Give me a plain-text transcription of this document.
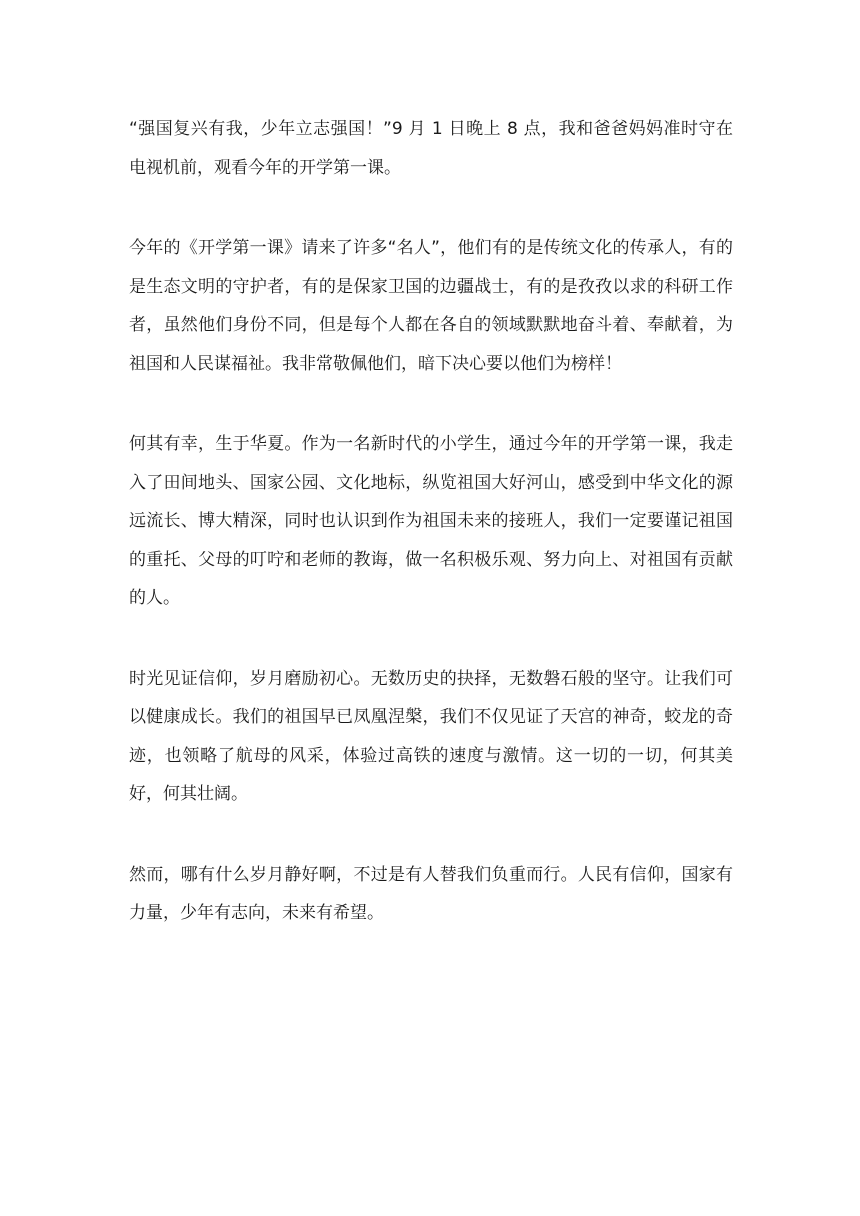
“强国复兴有我，少年立志强国！”9 月 1 日晚上 8 点，我和爸爸妈妈准时守在电视机前，观看今年的开学第一课。

今年的《开学第一课》请来了许多“名人”，他们有的是传统文化的传承人，有的是生态文明的守护者，有的是保家卫国的边疆战士，有的是孜孜以求的科研工作者，虽然他们身份不同，但是每个人都在各自的领域默默地奋斗着、奉献着，为祖国和人民谋福祉。我非常敬佩他们，暗下决心要以他们为榜样！

何其有幸，生于华夏。作为一名新时代的小学生，通过今年的开学第一课，我走入了田间地头、国家公园、文化地标，纵览祖国大好河山，感受到中华文化的源远流长、博大精深，同时也认识到作为祖国未来的接班人，我们一定要谨记祖国的重托、父母的叮咛和老师的教诲，做一名积极乐观、努力向上、对祖国有贡献的人。

时光见证信仰，岁月磨励初心。无数历史的抉择，无数磐石般的坚守。让我们可以健康成长。我们的祖国早已凤凰涅槃，我们不仅见证了天宫的神奇，蛟龙的奇迹，也领略了航母的风采，体验过高铁的速度与激情。这一切的一切，何其美好，何其壮阔。

然而，哪有什么岁月静好啊，不过是有人替我们负重而行。人民有信仰，国家有力量，少年有志向，未来有希望。
